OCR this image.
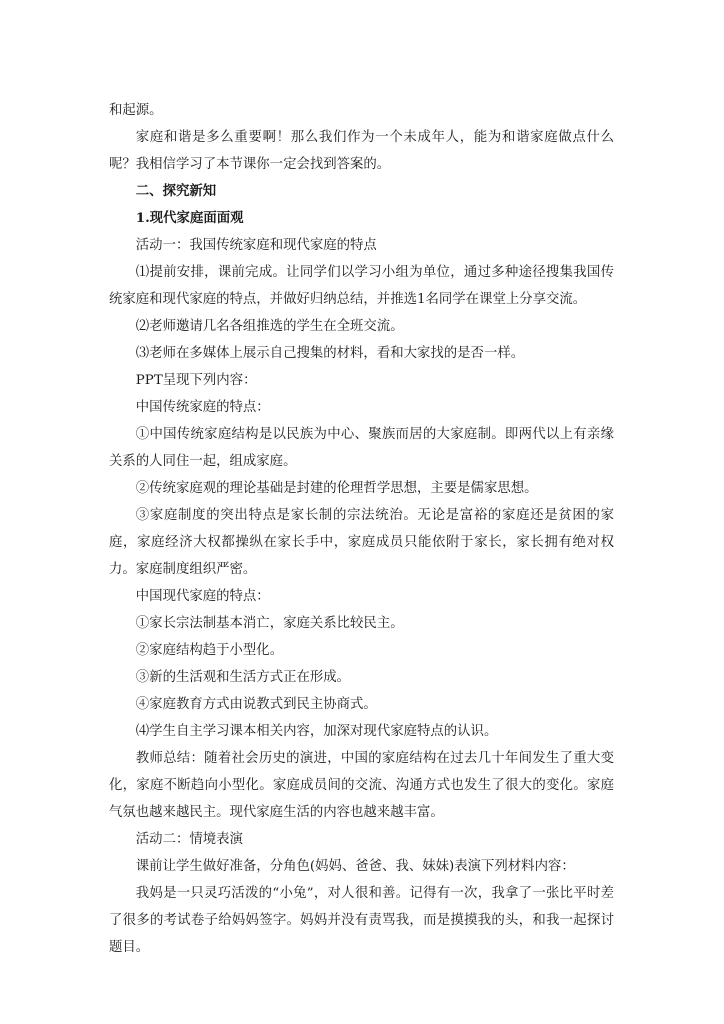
和起源。

家庭和谐是多么重要啊！那么我们作为一个未成年人，能为和谐家庭做点什么呢？我相信学习了本节课你一定会找到答案的。

二、探究新知

1.现代家庭面面观

活动一：我国传统家庭和现代家庭的特点

⑴提前安排，课前完成。让同学们以学习小组为单位，通过多种途径搜集我国传统家庭和现代家庭的特点，并做好归纳总结，并推选1名同学在课堂上分享交流。

⑵老师邀请几名各组推选的学生在全班交流。

⑶老师在多媒体上展示自己搜集的材料，看和大家找的是否一样。

PPT呈现下列内容：

中国传统家庭的特点：

①中国传统家庭结构是以民族为中心、聚族而居的大家庭制。即两代以上有亲缘关系的人同住一起，组成家庭。

②传统家庭观的理论基础是封建的伦理哲学思想，主要是儒家思想。

③家庭制度的突出特点是家长制的宗法统治。无论是富裕的家庭还是贫困的家庭，家庭经济大权都操纵在家长手中，家庭成员只能依附于家长，家长拥有绝对权力。家庭制度组织严密。

中国现代家庭的特点：

①家长宗法制基本消亡，家庭关系比较民主。

②家庭结构趋于小型化。

③新的生活观和生活方式正在形成。

④家庭教育方式由说教式到民主协商式。

⑷学生自主学习课本相关内容，加深对现代家庭特点的认识。

教师总结：随着社会历史的演进，中国的家庭结构在过去几十年间发生了重大变化，家庭不断趋向小型化。家庭成员间的交流、沟通方式也发生了很大的变化。家庭气氛也越来越民主。现代家庭生活的内容也越来越丰富。

活动二：情境表演

课前让学生做好准备，分角色(妈妈、爸爸、我、妹妹)表演下列材料内容：

我妈是一只灵巧活泼的“小兔”，对人很和善。记得有一次，我拿了一张比平时差了很多的考试卷子给妈妈签字。妈妈并没有责骂我，而是摸摸我的头，和我一起探讨题目。
